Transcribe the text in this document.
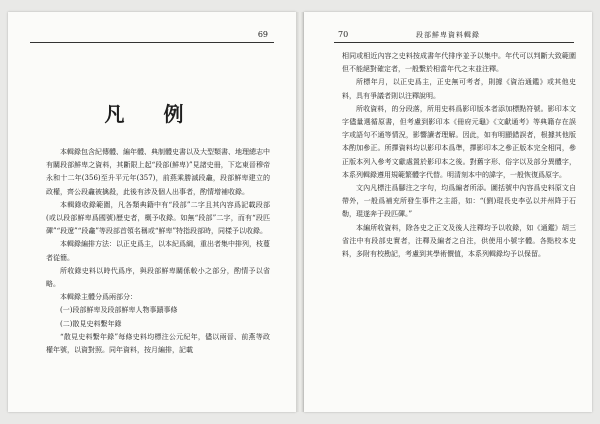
69
凡 例

本輯錄包含紀傳體、編年體、典制體史書以及大型類書、地理總志中有關段部鮮卑之資料，其斷限上起“段部(鮮卑)”見諸史冊，下迄東晉穆帝永和十二年(356)至升平元年(357)，前燕乘勝滅段龕，段部鮮卑建立的政權，齊公段龕被擒殺，此後有涉及個人出事者，酌情增補收錄。

本輯錄收錄範圍，凡各類典籍中有“段部”二字且其內容爲記載段部(或以段部鮮卑爲國號)歷史者，概予收錄。如無“段部”二字，而有“段匹磾”“段遼”“段龕”等段部首領名稱或“鮮卑”特指段部時，同樣予以收錄。

本輯錄編排方法：以正史爲主，以本紀爲綱，重出者集中排列，枝蔓者從簡。

所收錄史料以時代爲序，與段部鮮卑關係較小之部分，酌情予以省略。

本輯錄主體分爲兩部分：

(一)段部鮮卑及段部鮮卑人物事蹟事條

(二)散見史料繫年錄

“散見史料繫年錄”每條史料均標注公元紀年，儘以兩晉、前燕等政權年號，以資對照。同年資料，按月編排，記載

70	段部鮮卑資料輯錄

相同或相近內容之史料按成書年代排序並予以集中。年代可以判斷大致範圍但不能絕對確定者，一般繫於相當年代之末並注釋。

所標年月，以正史爲主，正史無可考者，則據《資治通鑑》或其他史料，具有爭議者則以注釋說明。

所收資料，的分段落，所用史料爲影印版本者添加標點符號。影印本文字儘量選循原書，但考慮到影印本《冊府元龜》《文獻通考》等典籍存在誤字或語句不通等情況，影響讀者理解。因此，如有明顯錯誤者，根據其他版本酌加參正。所擇資料均以影印本爲準，擇影印本之參正版本完全相同，參正版本列入參考文獻處置於影印本之後。對舊字形、俗字以及部分異體字，本系列輯錄遵用規範繁體字代替。明清刻本中的諱字，一般恢復爲原字。

文內凡標注爲腳注之字句，均爲編者所添。圖括號中內容爲史料原文自帶外，一般爲補充所發生事件之主語，如：“(劉)琨長史李弘以并州降于石勒，琨遂奔于段匹磾。”

本編所收資料，除各史之正文及後人注釋均予以收錄，如《通鑑》胡三省注中有段部史實者，注釋及編者之自注，供使用小號字體。各點校本史料，多附有校勘記，考慮到其學術價值，本系列輯錄均予以保留。
